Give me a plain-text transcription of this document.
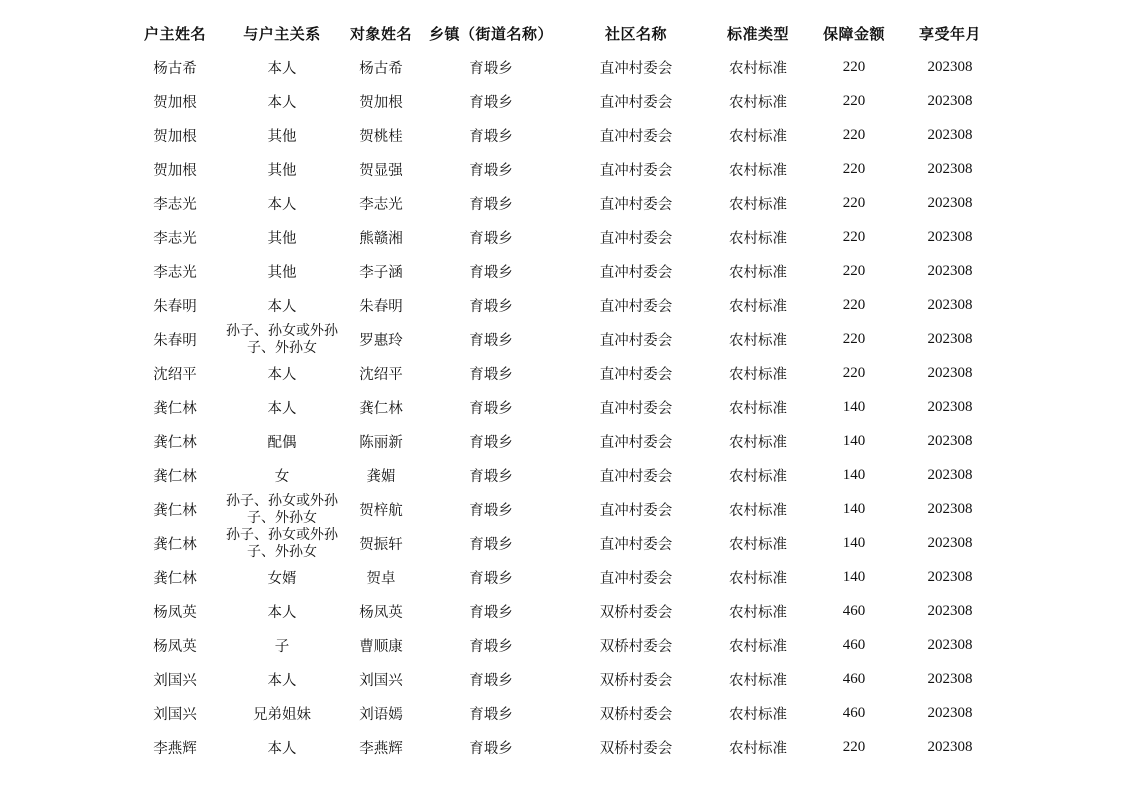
户主姓名	与户主关系	对象姓名	乡镇（街道名称）	社区名称	标准类型	保障金额	享受年月
杨古希	本人	杨古希	育塅乡	直冲村委会	农村标准	220	202308
贺加根	本人	贺加根	育塅乡	直冲村委会	农村标准	220	202308
贺加根	其他	贺桃桂	育塅乡	直冲村委会	农村标准	220	202308
贺加根	其他	贺显强	育塅乡	直冲村委会	农村标准	220	202308
李志光	本人	李志光	育塅乡	直冲村委会	农村标准	220	202308
李志光	其他	熊赣湘	育塅乡	直冲村委会	农村标准	220	202308
李志光	其他	李子涵	育塅乡	直冲村委会	农村标准	220	202308
朱春明	本人	朱春明	育塅乡	直冲村委会	农村标准	220	202308
朱春明	孙子、孙女或外孙子、外孙女	罗惠玲	育塅乡	直冲村委会	农村标准	220	202308
沈绍平	本人	沈绍平	育塅乡	直冲村委会	农村标准	220	202308
龚仁林	本人	龚仁林	育塅乡	直冲村委会	农村标准	140	202308
龚仁林	配偶	陈丽新	育塅乡	直冲村委会	农村标准	140	202308
龚仁林	女	龚媚	育塅乡	直冲村委会	农村标准	140	202308
龚仁林	孙子、孙女或外孙子、外孙女	贺梓航	育塅乡	直冲村委会	农村标准	140	202308
龚仁林	孙子、孙女或外孙子、外孙女	贺振轩	育塅乡	直冲村委会	农村标准	140	202308
龚仁林	女婿	贺卓	育塅乡	直冲村委会	农村标准	140	202308
杨凤英	本人	杨凤英	育塅乡	双桥村委会	农村标准	460	202308
杨凤英	子	曹顺康	育塅乡	双桥村委会	农村标准	460	202308
刘国兴	本人	刘国兴	育塅乡	双桥村委会	农村标准	460	202308
刘国兴	兄弟姐妹	刘语嫣	育塅乡	双桥村委会	农村标准	460	202308
李燕辉	本人	李燕辉	育塅乡	双桥村委会	农村标准	220	202308
